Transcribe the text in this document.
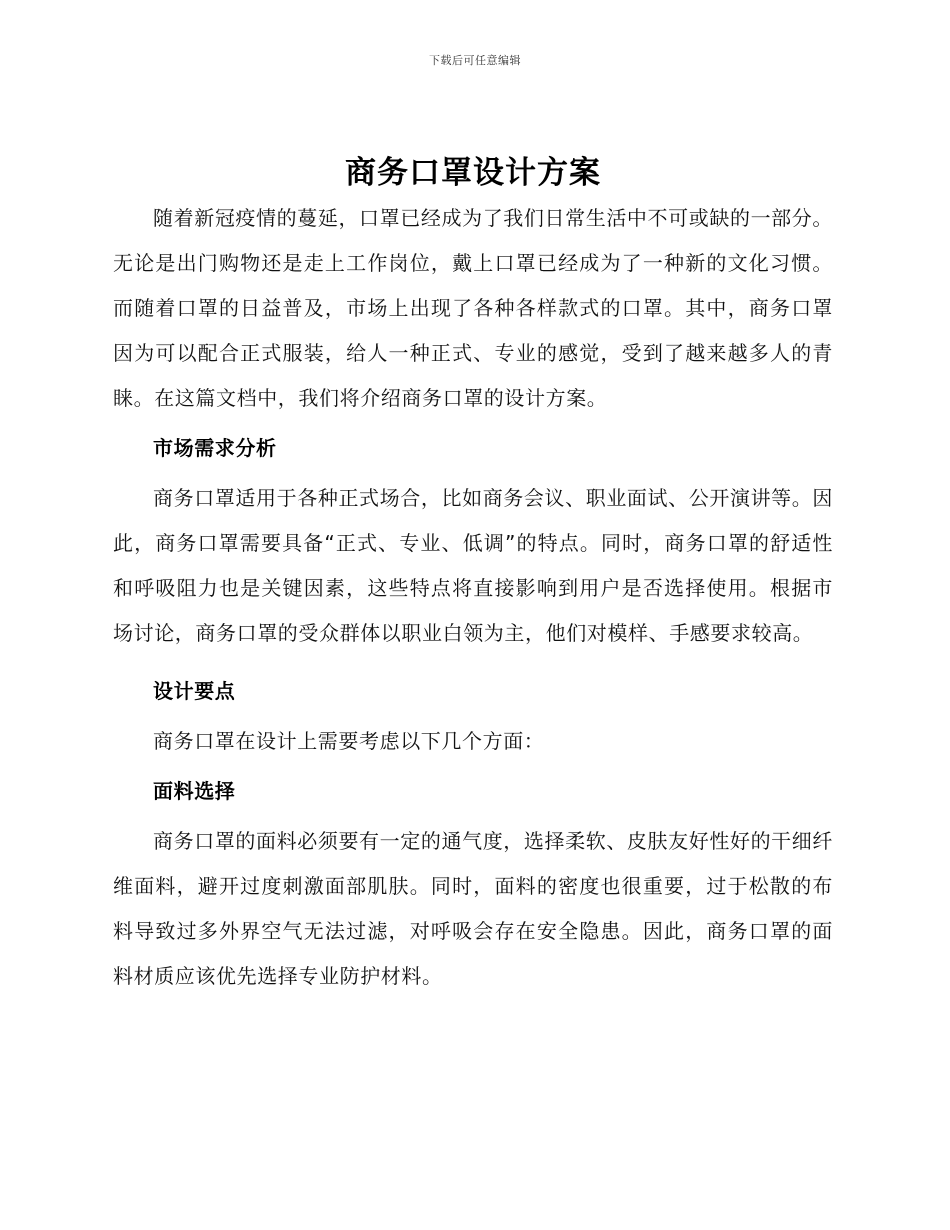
下载后可任意编辑
商务口罩设计方案

随着新冠疫情的蔓延，口罩已经成为了我们日常生活中不可或缺的一部分。无论是出门购物还是走上工作岗位，戴上口罩已经成为了一种新的文化习惯。而随着口罩的日益普及，市场上出现了各种各样款式的口罩。其中，商务口罩因为可以配合正式服装，给人一种正式、专业的感觉，受到了越来越多人的青睐。在这篇文档中，我们将介绍商务口罩的设计方案。

市场需求分析

商务口罩适用于各种正式场合，比如商务会议、职业面试、公开演讲等。因此，商务口罩需要具备“正式、专业、低调”的特点。同时，商务口罩的舒适性和呼吸阻力也是关键因素，这些特点将直接影响到用户是否选择使用。根据市场讨论，商务口罩的受众群体以职业白领为主，他们对模样、手感要求较高。

设计要点

商务口罩在设计上需要考虑以下几个方面：

面料选择

商务口罩的面料必须要有一定的通气度，选择柔软、皮肤友好性好的干细纤维面料，避开过度刺激面部肌肤。同时，面料的密度也很重要，过于松散的布料导致过多外界空气无法过滤，对呼吸会存在安全隐患。因此，商务口罩的面料材质应该优先选择专业防护材料。
